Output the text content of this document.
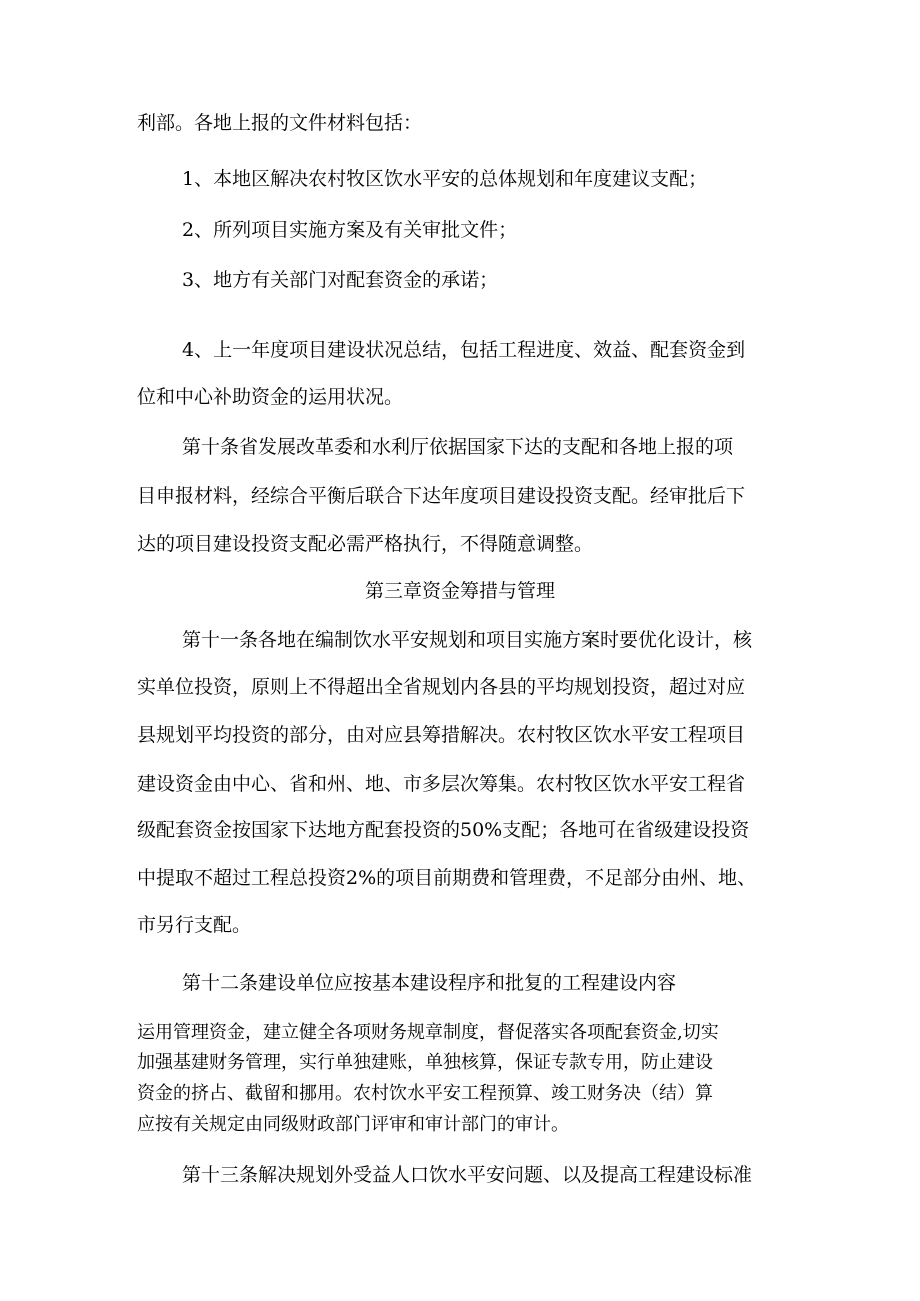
利部。各地上报的文件材料包括：

1、本地区解决农村牧区饮水平安的总体规划和年度建议支配；

2、所列项目实施方案及有关审批文件；

3、地方有关部门对配套资金的承诺；

4、上一年度项目建设状况总结，包括工程进度、效益、配套资金到

位和中心补助资金的运用状况。

第十条省发展改革委和水利厅依据国家下达的支配和各地上报的项

目申报材料，经综合平衡后联合下达年度项目建设投资支配。经审批后下

达的项目建设投资支配必需严格执行，不得随意调整。

第三章资金筹措与管理

第十一条各地在编制饮水平安规划和项目实施方案时要优化设计，核

实单位投资，原则上不得超出全省规划内各县的平均规划投资，超过对应

县规划平均投资的部分，由对应县筹措解决。农村牧区饮水平安工程项目

建设资金由中心、省和州、地、市多层次筹集。农村牧区饮水平安工程省

级配套资金按国家下达地方配套投资的50%支配；各地可在省级建设投资

中提取不超过工程总投资2%的项目前期费和管理费，不足部分由州、地、

市另行支配。

第十二条建设单位应按基本建设程序和批复的工程建设内容

运用管理资金，建立健全各项财务规章制度，督促落实各项配套资金,切实

加强基建财务管理，实行单独建账，单独核算，保证专款专用，防止建设

资金的挤占、截留和挪用。农村饮水平安工程预算、竣工财务决（结）算

应按有关规定由同级财政部门评审和审计部门的审计。

第十三条解决规划外受益人口饮水平安问题、以及提高工程建设标准
